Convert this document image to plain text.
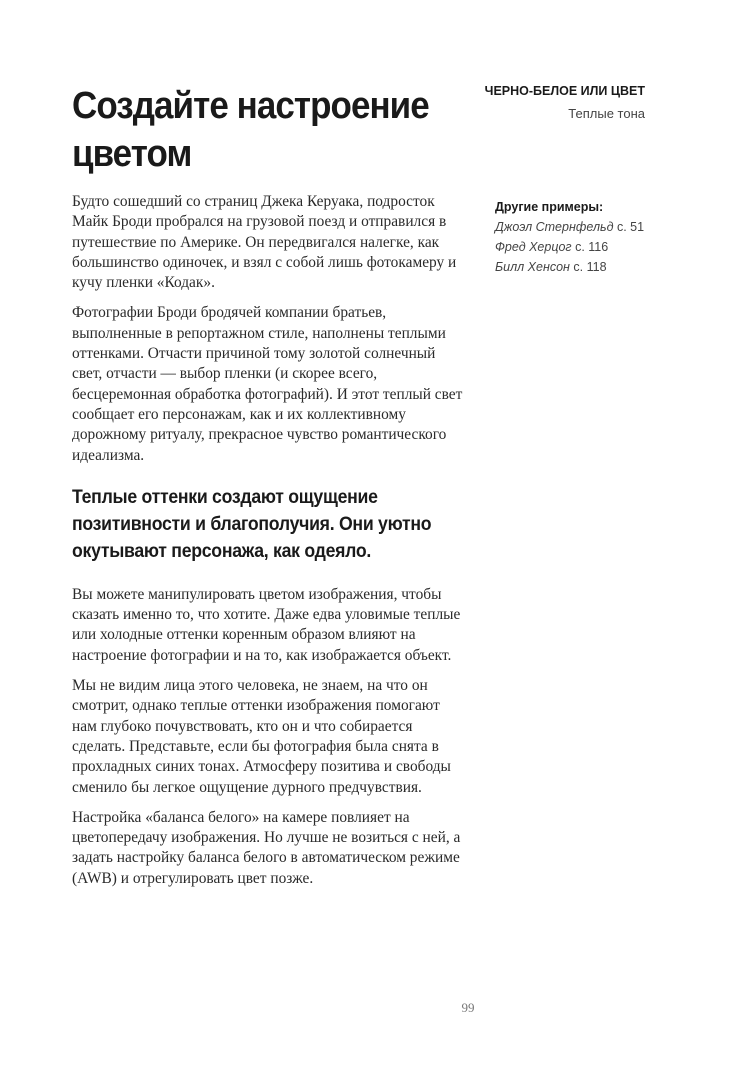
Создайте настроение
цветом
ЧЕРНО-БЕЛОЕ ИЛИ ЦВЕТ
Теплые тона
Другие примеры:
Джоэл Стернфельд с. 51
Фред Херцог с. 116
Билл Хенсон с. 118

Будто сошедший со страниц Джека Керуака, подросток Майк Броди пробрался на грузовой поезд и отправился в путешествие по Америке. Он передвигался налегке, как большинство одиночек, и взял с собой лишь фотокамеру и кучу пленки «Кодак».

Фотографии Броди бродячей компании братьев, выполненные в репортажном стиле, наполнены теплыми оттенками. Отчасти причиной тому золотой солнечный свет, отчасти — выбор пленки (и скорее всего, бесцеремонная обработка фотографий). И этот теплый свет сообщает его персонажам, как и их коллективному дорожному ритуалу, прекрасное чувство романтического идеализма.

Теплые оттенки создают ощущение позитивности и благополучия. Они уютно окутывают персонажа, как одеяло.

Вы можете манипулировать цветом изображения, чтобы сказать именно то, что хотите. Даже едва уловимые теплые или холодные оттенки коренным образом влияют на настроение фотографии и на то, как изображается объект.

Мы не видим лица этого человека, не знаем, на что он смотрит, однако теплые оттенки изображения помогают нам глубоко почувствовать, кто он и что собирается сделать. Представьте, если бы фотография была снята в прохладных синих тонах. Атмосферу позитива и свободы сменило бы легкое ощущение дурного предчувствия.

Настройка «баланса белого» на камере повлияет на цветопередачу изображения. Но лучше не возиться с ней, а задать настройку баланса белого в автоматическом режиме (AWB) и отрегулировать цвет позже.

99
